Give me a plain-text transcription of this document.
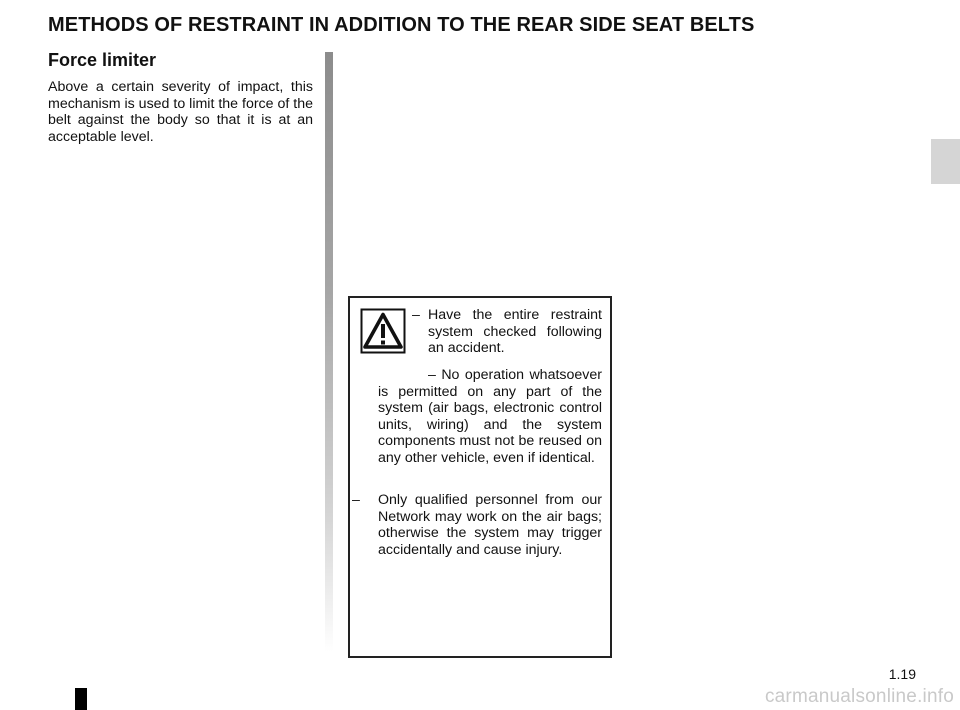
METHODS OF RESTRAINT IN ADDITION TO THE REAR SIDE SEAT BELTS
Force limiter

Above a certain severity of impact, this mechanism is used to limit the force of the belt against the body so that it is at an acceptable level.

– Have the entire restraint system checked following an accident.

– No operation whatsoever is permitted on any part of the system (air bags, electronic control units, wiring) and the system components must not be reused on any other vehicle, even if identical.

– Only qualified personnel from our Network may work on the air bags; otherwise the system may trigger accidentally and cause injury.

1.19
carmanualsonline.info
